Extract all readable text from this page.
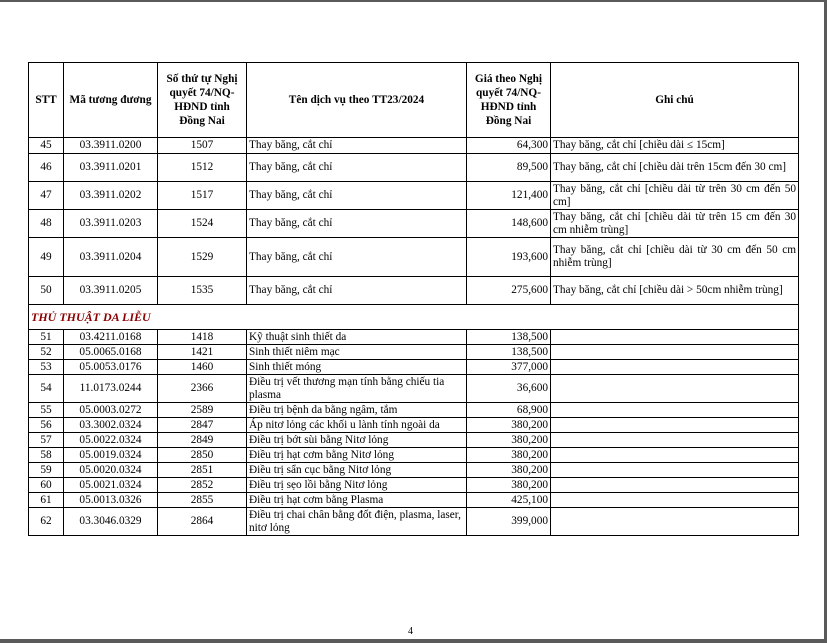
STT	Mã tương đương	Số thứ tự Nghị quyết 74/NQ-HĐND tỉnh Đồng Nai	Tên dịch vụ theo TT23/2024	Giá theo Nghị quyết 74/NQ-HĐND tỉnh Đồng Nai	Ghi chú
45	03.3911.0200	1507	Thay băng, cắt chỉ	64,300	Thay băng, cắt chỉ [chiều dài ≤ 15cm]
46	03.3911.0201	1512	Thay băng, cắt chỉ	89,500	Thay băng, cắt chỉ [chiều dài trên 15cm đến 30 cm]
47	03.3911.0202	1517	Thay băng, cắt chỉ	121,400	Thay băng, cắt chỉ [chiều dài từ trên 30 cm đến 50 cm]
48	03.3911.0203	1524	Thay băng, cắt chỉ	148,600	Thay băng, cắt chỉ [chiều dài từ trên 15 cm đến 30 cm nhiễm trùng]
49	03.3911.0204	1529	Thay băng, cắt chỉ	193,600	Thay băng, cắt chỉ [chiều dài từ 30 cm đến 50 cm nhiễm trùng]
50	03.3911.0205	1535	Thay băng, cắt chỉ	275,600	Thay băng, cắt chỉ [chiều dài > 50cm nhiễm trùng]
THỦ THUẬT DA LIỄU					
51	03.4211.0168	1418	Kỹ thuật sinh thiết da	138,500	
52	05.0065.0168	1421	Sinh thiết niêm mạc	138,500	
53	05.0053.0176	1460	Sinh thiết móng	377,000	
54	11.0173.0244	2366	Điều trị vết thương mạn tính bằng chiếu tia plasma	36,600	
55	05.0003.0272	2589	Điều trị bệnh da bằng ngâm, tắm	68,900	
56	03.3002.0324	2847	Áp nitơ lỏng các khối u lành tính ngoài da	380,200	
57	05.0022.0324	2849	Điều trị bớt sùi bằng Nitơ lỏng	380,200	
58	05.0019.0324	2850	Điều trị hạt cơm bằng Nitơ lỏng	380,200	
59	05.0020.0324	2851	Điều trị sẩn cục bằng Nitơ lỏng	380,200	
60	05.0021.0324	2852	Điều trị sẹo lồi bằng Nitơ lỏng	380,200	
61	05.0013.0326	2855	Điều trị hạt cơm bằng Plasma	425,100	
62	03.3046.0329	2864	Điều trị chai chân bằng đốt điện, plasma, laser, nitơ lỏng	399,000	
4
